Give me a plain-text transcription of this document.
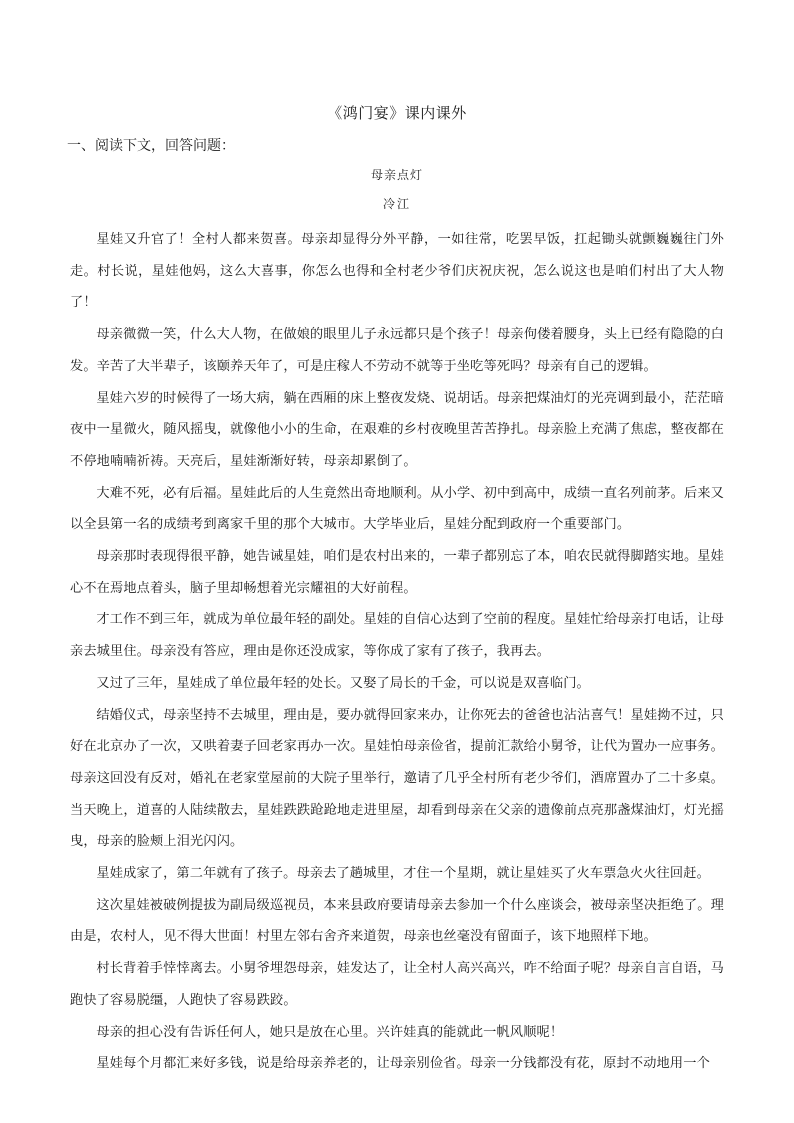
《鸿门宴》课内课外
一、阅读下文，回答问题：
母亲点灯
冷江

星娃又升官了！全村人都来贺喜。母亲却显得分外平静，一如往常，吃罢早饭，扛起锄头就颤巍巍往门外走。村长说，星娃他妈，这么大喜事，你怎么也得和全村老少爷们庆祝庆祝，怎么说这也是咱们村出了大人物了！

母亲微微一笑，什么大人物，在做娘的眼里儿子永远都只是个孩子！母亲佝偻着腰身，头上已经有隐隐的白发。辛苦了大半辈子，该颐养天年了，可是庄稼人不劳动不就等于坐吃等死吗？母亲有自己的逻辑。

星娃六岁的时候得了一场大病，躺在西厢的床上整夜发烧、说胡话。母亲把煤油灯的光亮调到最小，茫茫暗夜中一星微火，随风摇曳，就像他小小的生命，在艰难的乡村夜晚里苦苦挣扎。母亲脸上充满了焦虑，整夜都在不停地喃喃祈祷。天亮后，星娃渐渐好转，母亲却累倒了。

大难不死，必有后福。星娃此后的人生竟然出奇地顺利。从小学、初中到高中，成绩一直名列前茅。后来又以全县第一名的成绩考到离家千里的那个大城市。大学毕业后，星娃分配到政府一个重要部门。

母亲那时表现得很平静，她告诫星娃，咱们是农村出来的，一辈子都别忘了本，咱农民就得脚踏实地。星娃心不在焉地点着头，脑子里却畅想着光宗耀祖的大好前程。

才工作不到三年，就成为单位最年轻的副处。星娃的自信心达到了空前的程度。星娃忙给母亲打电话，让母亲去城里住。母亲没有答应，理由是你还没成家，等你成了家有了孩子，我再去。

又过了三年，星娃成了单位最年轻的处长。又娶了局长的千金，可以说是双喜临门。

结婚仪式，母亲坚持不去城里，理由是，要办就得回家来办，让你死去的爸爸也沾沾喜气！星娃拗不过，只好在北京办了一次，又哄着妻子回老家再办一次。星娃怕母亲俭省，提前汇款给小舅爷，让代为置办一应事务。母亲这回没有反对，婚礼在老家堂屋前的大院子里举行，邀请了几乎全村所有老少爷们，酒席置办了二十多桌。当天晚上，道喜的人陆续散去，星娃跌跌跄跄地走进里屋，却看到母亲在父亲的遗像前点亮那盏煤油灯，灯光摇曳，母亲的脸颊上泪光闪闪。

星娃成家了，第二年就有了孩子。母亲去了趟城里，才住一个星期，就让星娃买了火车票急火火往回赶。

这次星娃被破例提拔为副局级巡视员，本来县政府要请母亲去参加一个什么座谈会，被母亲坚决拒绝了。理由是，农村人，见不得大世面！村里左邻右舍齐来道贺，母亲也丝毫没有留面子，该下地照样下地。

村长背着手悻悻离去。小舅爷埋怨母亲，娃发达了，让全村人高兴高兴，咋不给面子呢？母亲自言自语，马跑快了容易脱缰，人跑快了容易跌跤。

母亲的担心没有告诉任何人，她只是放在心里。兴许娃真的能就此一帆风顺呢！

星娃每个月都汇来好多钱，说是给母亲养老的，让母亲别俭省。母亲一分钱都没有花，原封不动地用一个
